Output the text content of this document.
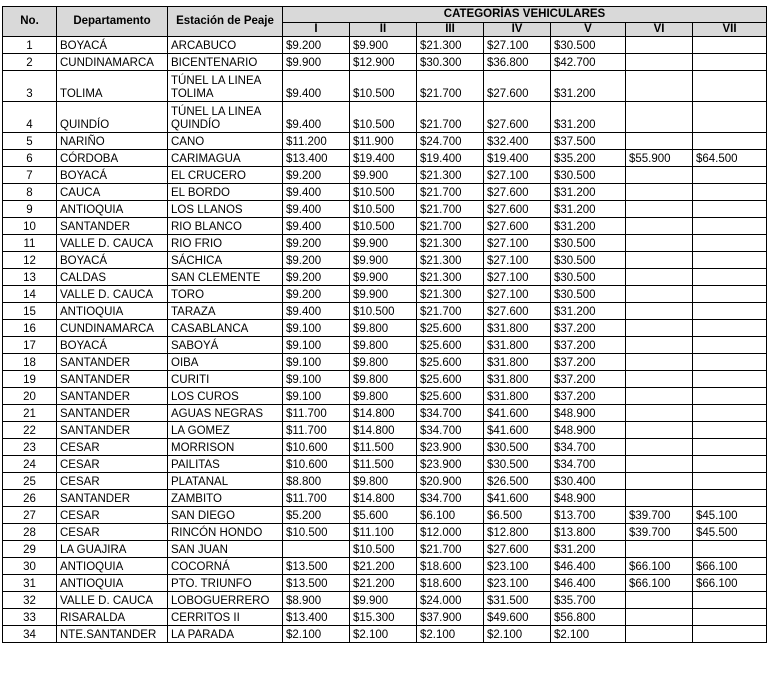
No.	Departamento	Estación de Peaje	CATEGORÍAS VEHICULARES						
			I	II	III	IV	V	VI	VII
1	BOYACÁ	ARCABUCO	$9.200	$9.900	$21.300	$27.100	$30.500		
2	CUNDINAMARCA	BICENTENARIO	$9.900	$12.900	$30.300	$36.800	$42.700		
3	TOLIMA	TÚNEL LA LINEA TOLIMA	$9.400	$10.500	$21.700	$27.600	$31.200		
4	QUINDÍO	TÚNEL LA LINEA QUINDÍO	$9.400	$10.500	$21.700	$27.600	$31.200		
5	NARIÑO	CANO	$11.200	$11.900	$24.700	$32.400	$37.500		
6	CÓRDOBA	CARIMAGUA	$13.400	$19.400	$19.400	$19.400	$35.200	$55.900	$64.500
7	BOYACÁ	EL CRUCERO	$9.200	$9.900	$21.300	$27.100	$30.500		
8	CAUCA	EL BORDO	$9.400	$10.500	$21.700	$27.600	$31.200		
9	ANTIOQUIA	LOS LLANOS	$9.400	$10.500	$21.700	$27.600	$31.200		
10	SANTANDER	RIO BLANCO	$9.400	$10.500	$21.700	$27.600	$31.200		
11	VALLE D. CAUCA	RIO FRIO	$9.200	$9.900	$21.300	$27.100	$30.500		
12	BOYACÁ	SÁCHICA	$9.200	$9.900	$21.300	$27.100	$30.500		
13	CALDAS	SAN CLEMENTE	$9.200	$9.900	$21.300	$27.100	$30.500		
14	VALLE D. CAUCA	TORO	$9.200	$9.900	$21.300	$27.100	$30.500		
15	ANTIOQUIA	TARAZA	$9.400	$10.500	$21.700	$27.600	$31.200		
16	CUNDINAMARCA	CASABLANCA	$9.100	$9.800	$25.600	$31.800	$37.200		
17	BOYACÁ	SABOYÁ	$9.100	$9.800	$25.600	$31.800	$37.200		
18	SANTANDER	OIBA	$9.100	$9.800	$25.600	$31.800	$37.200		
19	SANTANDER	CURITI	$9.100	$9.800	$25.600	$31.800	$37.200		
20	SANTANDER	LOS CUROS	$9.100	$9.800	$25.600	$31.800	$37.200		
21	SANTANDER	AGUAS NEGRAS	$11.700	$14.800	$34.700	$41.600	$48.900		
22	SANTANDER	LA GOMEZ	$11.700	$14.800	$34.700	$41.600	$48.900		
23	CESAR	MORRISON	$10.600	$11.500	$23.900	$30.500	$34.700		
24	CESAR	PAILITAS	$10.600	$11.500	$23.900	$30.500	$34.700		
25	CESAR	PLATANAL	$8.800	$9.800	$20.900	$26.500	$30.400		
26	SANTANDER	ZAMBITO	$11.700	$14.800	$34.700	$41.600	$48.900		
27	CESAR	SAN DIEGO	$5.200	$5.600	$6.100	$6.500	$13.700	$39.700	$45.100
28	CESAR	RINCÓN HONDO	$10.500	$11.100	$12.000	$12.800	$13.800	$39.700	$45.500
29	LA GUAJIRA	SAN JUAN		$10.500	$21.700	$27.600	$31.200		
30	ANTIOQUIA	COCORNÁ	$13.500	$21.200	$18.600	$23.100	$46.400	$66.100	$66.100
31	ANTIOQUIA	PTO. TRIUNFO	$13.500	$21.200	$18.600	$23.100	$46.400	$66.100	$66.100
32	VALLE D. CAUCA	LOBOGUERRERO	$8.900	$9.900	$24.000	$31.500	$35.700		
33	RISARALDA	CERRITOS II	$13.400	$15.300	$37.900	$49.600	$56.800		
34	NTE.SANTANDER	LA PARADA	$2.100	$2.100	$2.100	$2.100	$2.100		
